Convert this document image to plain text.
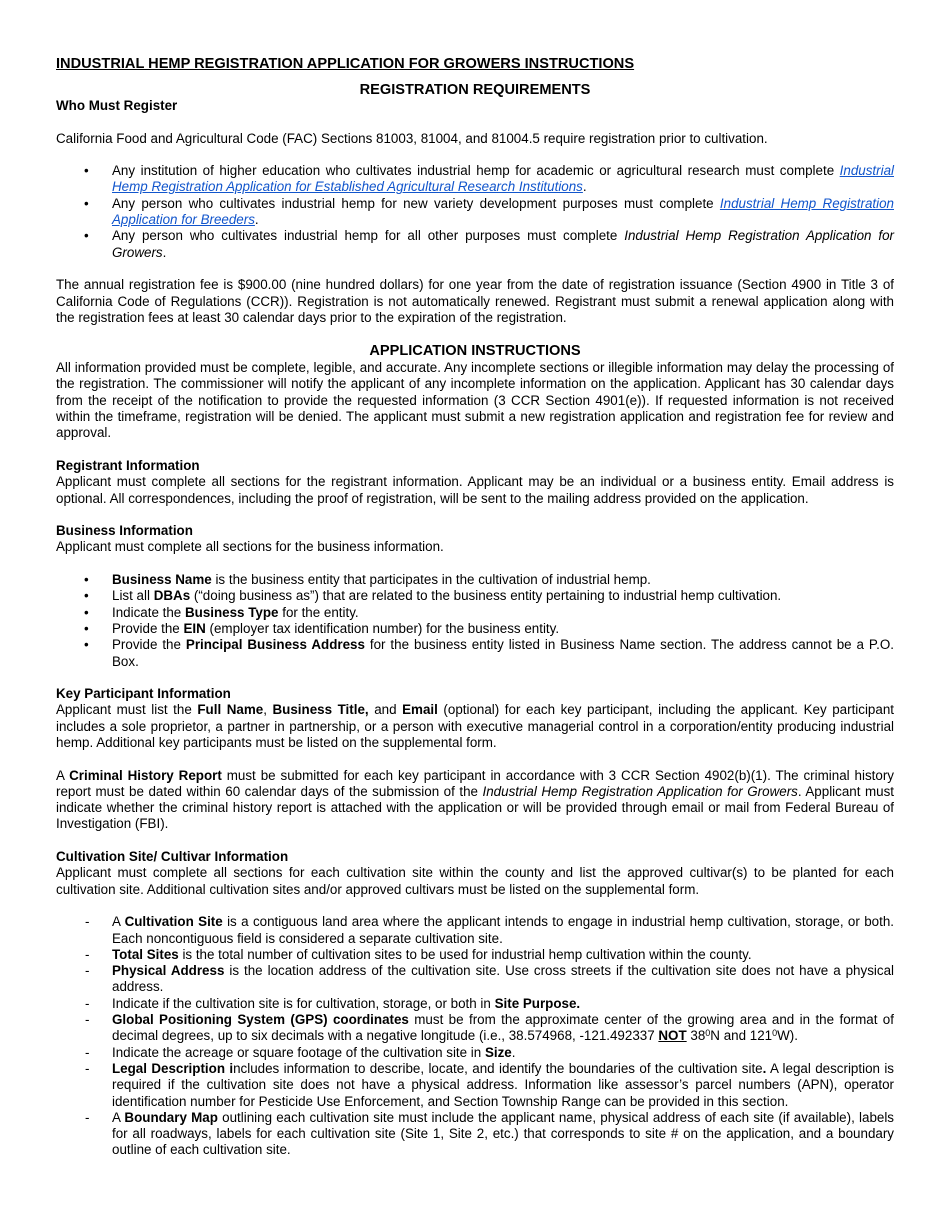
INDUSTRIAL HEMP REGISTRATION APPLICATION FOR GROWERS INSTRUCTIONS
REGISTRATION REQUIREMENTS
Who Must Register

California Food and Agricultural Code (FAC) Sections 81003, 81004, and 81004.5 require registration prior to cultivation.

• Any institution of higher education who cultivates industrial hemp for academic or agricultural research must complete Industrial Hemp Registration Application for Established Agricultural Research Institutions.
• Any person who cultivates industrial hemp for new variety development purposes must complete Industrial Hemp Registration Application for Breeders.
• Any person who cultivates industrial hemp for all other purposes must complete Industrial Hemp Registration Application for Growers.

The annual registration fee is $900.00 (nine hundred dollars) for one year from the date of registration issuance (Section 4900 in Title 3 of California Code of Regulations (CCR)). Registration is not automatically renewed. Registrant must submit a renewal application along with the registration fees at least 30 calendar days prior to the expiration of the registration.

APPLICATION INSTRUCTIONS

All information provided must be complete, legible, and accurate. Any incomplete sections or illegible information may delay the processing of the registration. The commissioner will notify the applicant of any incomplete information on the application. Applicant has 30 calendar days from the receipt of the notification to provide the requested information (3 CCR Section 4901(e)). If requested information is not received within the timeframe, registration will be denied. The applicant must submit a new registration application and registration fee for review and approval.

Registrant Information

Applicant must complete all sections for the registrant information. Applicant may be an individual or a business entity. Email address is optional. All correspondences, including the proof of registration, will be sent to the mailing address provided on the application.

Business Information

Applicant must complete all sections for the business information.

• Business Name is the business entity that participates in the cultivation of industrial hemp.
• List all DBAs (“doing business as”) that are related to the business entity pertaining to industrial hemp cultivation.
• Indicate the Business Type for the entity.
• Provide the EIN (employer tax identification number) for the business entity.
• Provide the Principal Business Address for the business entity listed in Business Name section. The address cannot be a P.O. Box.
Key Participant Information

Applicant must list the Full Name, Business Title, and Email (optional) for each key participant, including the applicant. Key participant includes a sole proprietor, a partner in partnership, or a person with executive managerial control in a corporation/entity producing industrial hemp. Additional key participants must be listed on the supplemental form.

A Criminal History Report must be submitted for each key participant in accordance with 3 CCR Section 4902(b)(1). The criminal history report must be dated within 60 calendar days of the submission of the Industrial Hemp Registration Application for Growers. Applicant must indicate whether the criminal history report is attached with the application or will be provided through email or mail from Federal Bureau of Investigation (FBI).

Cultivation Site/ Cultivar Information

Applicant must complete all sections for each cultivation site within the county and list the approved cultivar(s) to be planted for each cultivation site. Additional cultivation sites and/or approved cultivars must be listed on the supplemental form.

- A Cultivation Site is a contiguous land area where the applicant intends to engage in industrial hemp cultivation, storage, or both. Each noncontiguous field is considered a separate cultivation site.
- Total Sites is the total number of cultivation sites to be used for industrial hemp cultivation within the county.
- Physical Address is the location address of the cultivation site. Use cross streets if the cultivation site does not have a physical address.
- Indicate if the cultivation site is for cultivation, storage, or both in Site Purpose.
- Global Positioning System (GPS) coordinates must be from the approximate center of the growing area and in the format of decimal degrees, up to six decimals with a negative longitude (i.e., 38.574968, -121.492337 NOT $38^0N$ and $121^0W$).
- Indicate the acreage or square footage of the cultivation site in Size.
- Legal Description includes information to describe, locate, and identify the boundaries of the cultivation site. A legal description is required if the cultivation site does not have a physical address. Information like assessor’s parcel numbers (APN), operator identification number for Pesticide Use Enforcement, and Section Township Range can be provided in this section.
- A Boundary Map outlining each cultivation site must include the applicant name, physical address of each site (if available), labels for all roadways, labels for each cultivation site (Site 1, Site 2, etc.) that corresponds to site # on the application, and a boundary outline of each cultivation site.
